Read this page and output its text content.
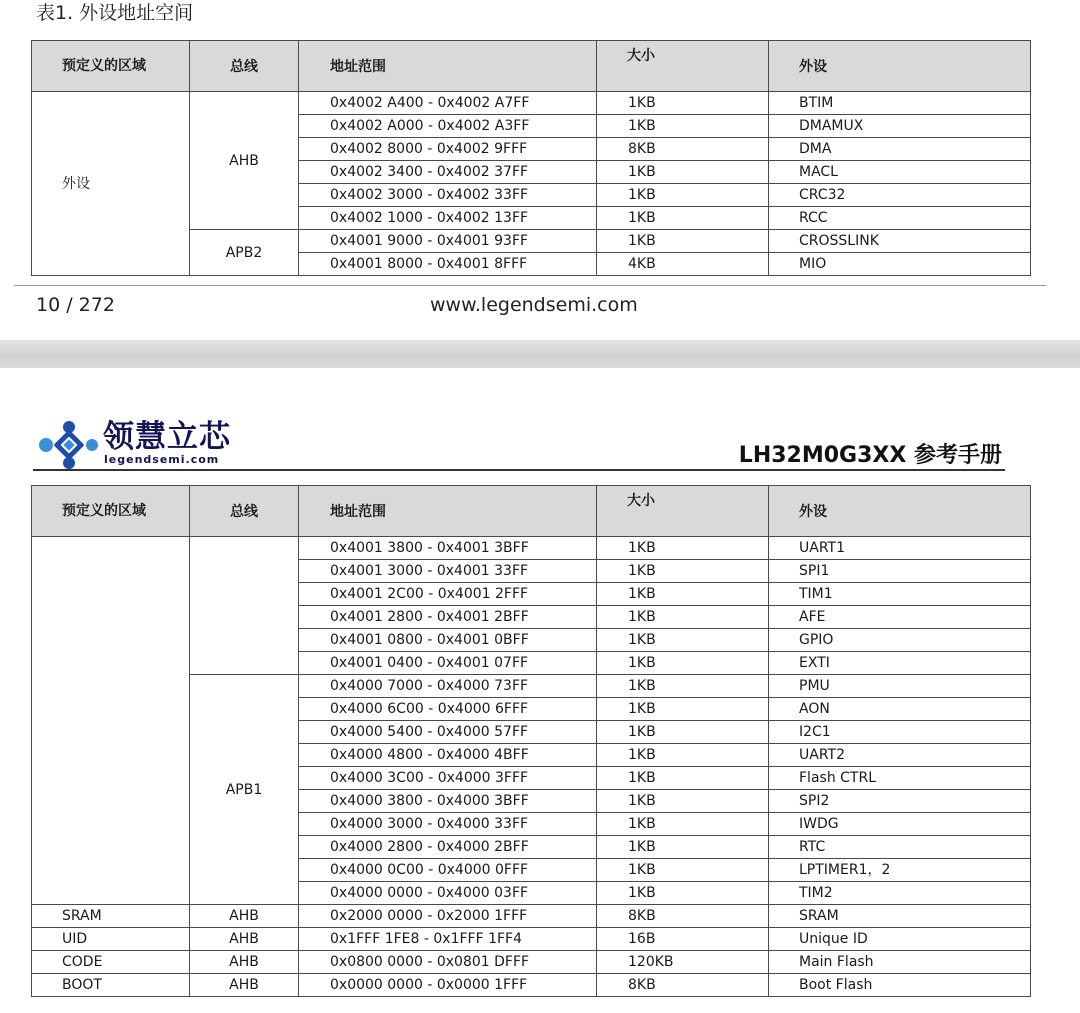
表1. 外设地址空间
预定义的区域	总线	地址范围	大小	外设
外设	AHB	0x4002 A400 - 0x4002 A7FF	1KB	BTIM
		0x4002 A000 - 0x4002 A3FF	1KB	DMAMUX
		0x4002 8000 - 0x4002 9FFF	8KB	DMA
		0x4002 3400 - 0x4002 37FF	1KB	MACL
		0x4002 3000 - 0x4002 33FF	1KB	CRC32
		0x4002 1000 - 0x4002 13FF	1KB	RCC
	APB2	0x4001 9000 - 0x4001 93FF	1KB	CROSSLINK
		0x4001 8000 - 0x4001 8FFF	4KB	MIO
10 / 272	www.legendsemi.com
领慧立芯
legendsemi.com	LH32M0G3XX 参考手册
预定义的区域	总线	地址范围	大小	外设
		0x4001 3800 - 0x4001 3BFF	1KB	UART1
		0x4001 3000 - 0x4001 33FF	1KB	SPI1
		0x4001 2C00 - 0x4001 2FFF	1KB	TIM1
		0x4001 2800 - 0x4001 2BFF	1KB	AFE
		0x4001 0800 - 0x4001 0BFF	1KB	GPIO
		0x4001 0400 - 0x4001 07FF	1KB	EXTI
	APB1	0x4000 7000 - 0x4000 73FF	1KB	PMU
		0x4000 6C00 - 0x4000 6FFF	1KB	AON
		0x4000 5400 - 0x4000 57FF	1KB	I2C1
		0x4000 4800 - 0x4000 4BFF	1KB	UART2
		0x4000 3C00 - 0x4000 3FFF	1KB	Flash CTRL
		0x4000 3800 - 0x4000 3BFF	1KB	SPI2
		0x4000 3000 - 0x4000 33FF	1KB	IWDG
		0x4000 2800 - 0x4000 2BFF	1KB	RTC
		0x4000 0C00 - 0x4000 0FFF	1KB	LPTIMER1，2
		0x4000 0000 - 0x4000 03FF	1KB	TIM2
SRAM	AHB	0x2000 0000 - 0x2000 1FFF	8KB	SRAM
UID	AHB	0x1FFF 1FE8 - 0x1FFF 1FF4	16B	Unique ID
CODE	AHB	0x0800 0000 - 0x0801 DFFF	120KB	Main Flash
BOOT	AHB	0x0000 0000 - 0x0000 1FFF	8KB	Boot Flash
